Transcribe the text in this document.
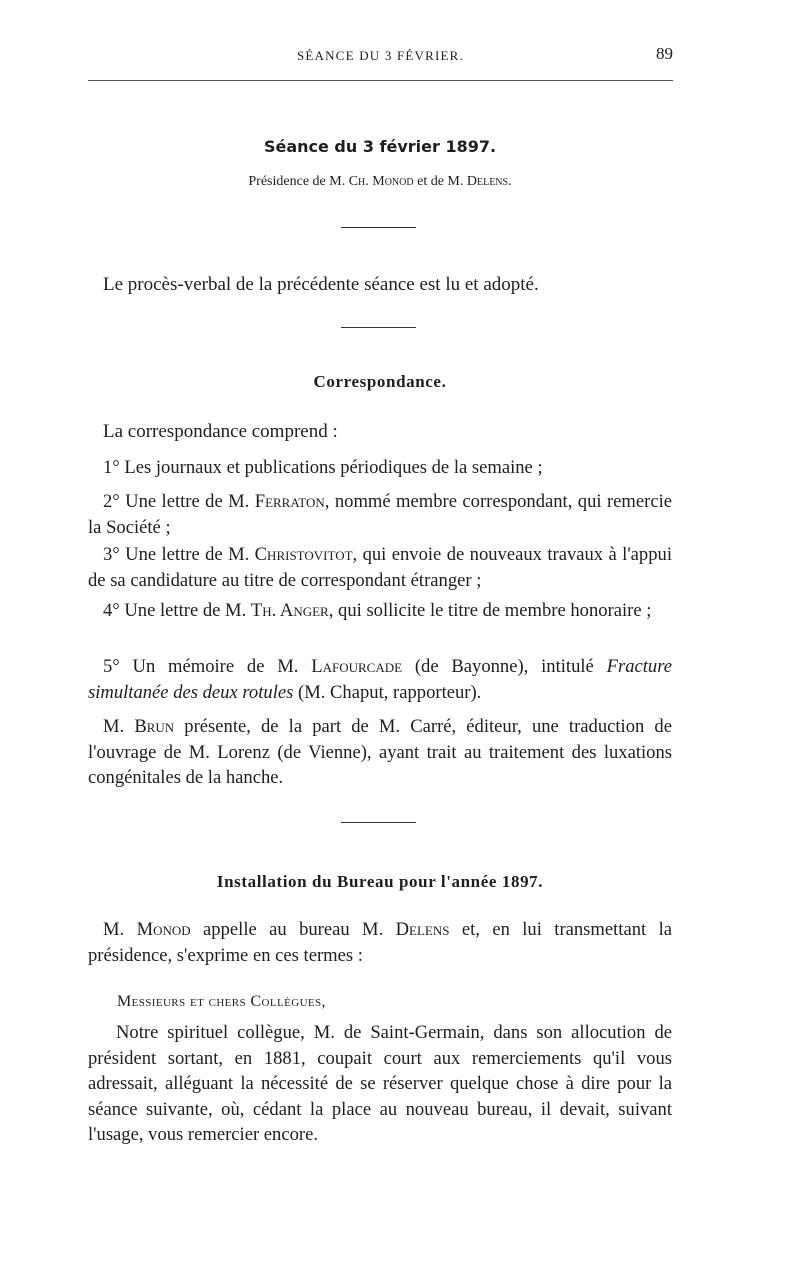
SÉANCE DU 3 FÉVRIER.	89
Séance du 3 février 1897.
Présidence de M. Ch. Monod et de M. Delens.
Le procès-verbal de la précédente séance est lu et adopté.
Correspondance.
La correspondance comprend :
1° Les journaux et publications périodiques de la semaine ;
2° Une lettre de M. Ferraton, nommé membre correspondant, qui remercie la Société ;
3° Une lettre de M. Christovitot, qui envoie de nouveaux travaux à l'appui de sa candidature au titre de correspondant étranger ;
4° Une lettre de M. Th. Anger, qui sollicite le titre de membre honoraire ;
5° Un mémoire de M. Lafourcade (de Bayonne), intitulé Fracture simultanée des deux rotules (M. Chaput, rapporteur).
M. Brun présente, de la part de M. Carré, éditeur, une traduction de l'ouvrage de M. Lorenz (de Vienne), ayant trait au traitement des luxations congénitales de la hanche.
Installation du Bureau pour l'année 1897.
M. Monod appelle au bureau M. Delens et, en lui transmettant la présidence, s'exprime en ces termes :
Messieurs et chers Collègues,
Notre spirituel collègue, M. de Saint-Germain, dans son allocution de président sortant, en 1881, coupait court aux remerciements qu'il vous adressait, alléguant la nécessité de se réserver quelque chose à dire pour la séance suivante, où, cédant la place au nouveau bureau, il devait, suivant l'usage, vous remercier encore.
